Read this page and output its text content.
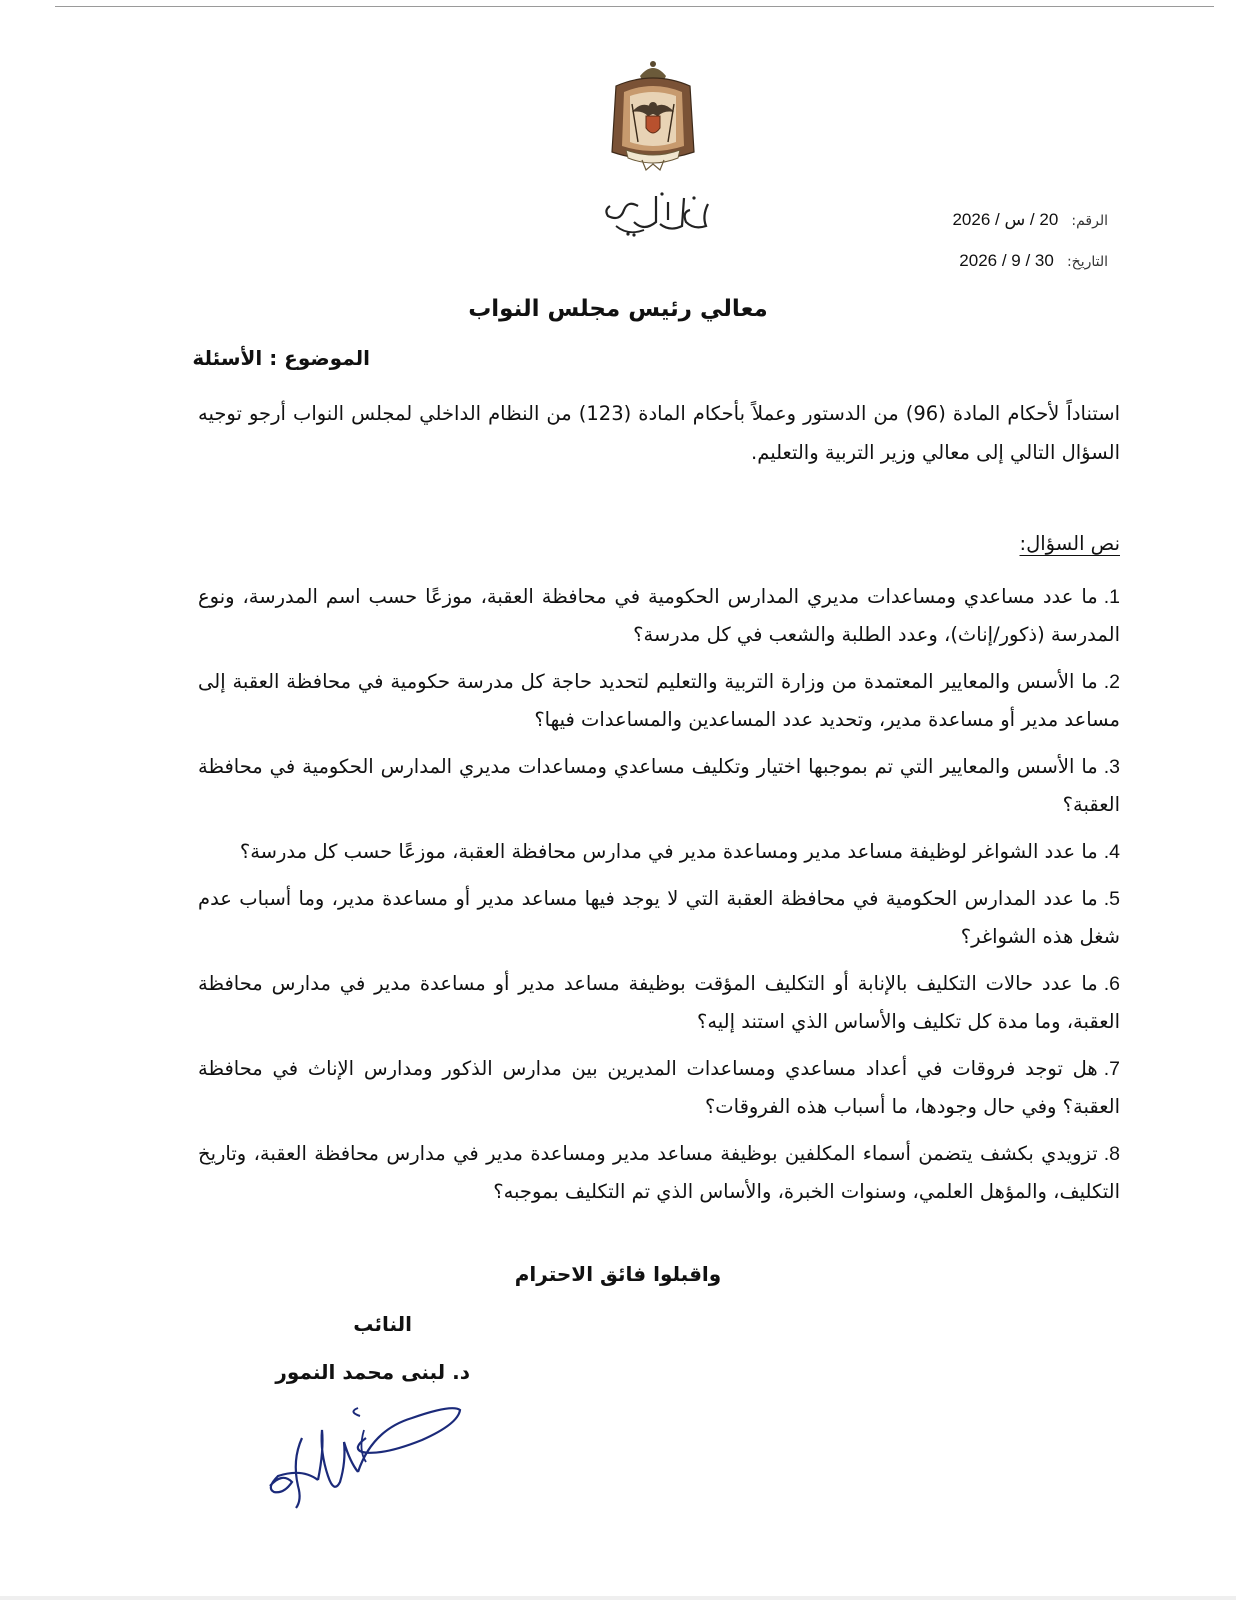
الرقم: 20 / س / 2026
التاريخ: 30 / 9 / 2026
معالي رئيس مجلس النواب
الموضوع : الأسئلة
استناداً لأحكام المادة (96) من الدستور وعملاً بأحكام المادة (123) من النظام الداخلي لمجلس النواب أرجو توجيه السؤال التالي إلى معالي وزير التربية والتعليم.
نص السؤال:
1.ما عدد مساعدي ومساعدات مديري المدارس الحكومية في محافظة العقبة، موزعًا حسب اسم المدرسة، ونوع المدرسة (ذكور/إناث)، وعدد الطلبة والشعب في كل مدرسة؟
2.ما الأسس والمعايير المعتمدة من وزارة التربية والتعليم لتحديد حاجة كل مدرسة حكومية في محافظة العقبة إلى مساعد مدير أو مساعدة مدير، وتحديد عدد المساعدين والمساعدات فيها؟
3.ما الأسس والمعايير التي تم بموجبها اختيار وتكليف مساعدي ومساعدات مديري المدارس الحكومية في محافظة العقبة؟
4.ما عدد الشواغر لوظيفة مساعد مدير ومساعدة مدير في مدارس محافظة العقبة، موزعًا حسب كل مدرسة؟
5.ما عدد المدارس الحكومية في محافظة العقبة التي لا يوجد فيها مساعد مدير أو مساعدة مدير، وما أسباب عدم شغل هذه الشواغر؟
6.ما عدد حالات التكليف بالإنابة أو التكليف المؤقت بوظيفة مساعد مدير أو مساعدة مدير في مدارس محافظة العقبة، وما مدة كل تكليف والأساس الذي استند إليه؟
7.هل توجد فروقات في أعداد مساعدي ومساعدات المديرين بين مدارس الذكور ومدارس الإناث في محافظة العقبة؟ وفي حال وجودها، ما أسباب هذه الفروقات؟
8.تزويدي بكشف يتضمن أسماء المكلفين بوظيفة مساعد مدير ومساعدة مدير في مدارس محافظة العقبة، وتاريخ التكليف، والمؤهل العلمي، وسنوات الخبرة، والأساس الذي تم التكليف بموجبه؟
واقبلوا فائق الاحترام
النائب
د. لبنى محمد النمور
